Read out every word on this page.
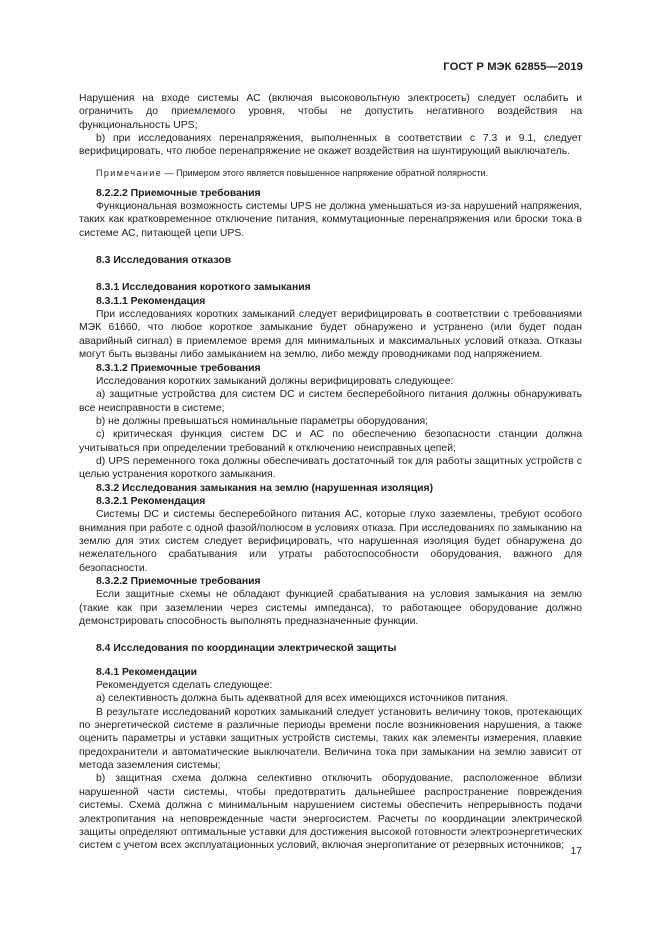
ГОСТ Р МЭК 62855—2019

Нарушения на входе системы АС (включая высоковольтную электросеть) следует ослабить и ограничить до приемлемого уровня, чтобы не допустить негативного воздействия на функциональность UPS;

b) при исследованиях перенапряжения, выполненных в соответствии с 7.3 и 9.1, следует верифицировать, что любое перенапряжение не окажет воздействия на шунтирующий выключатель.

Примечание — Примером этого является повышенное напряжение обратной полярности.

8.2.2.2 Приемочные требования

Функциональная возможность системы UPS не должна уменьшаться из-за нарушений напряжения, таких как кратковременное отключение питания, коммутационные перенапряжения или броски тока в системе АС, питающей цепи UPS.

8.3 Исследования отказов

8.3.1 Исследования короткого замыкания

8.3.1.1 Рекомендация

При исследованиях коротких замыканий следует верифицировать в соответствии с требованиями МЭК 61660, что любое короткое замыкание будет обнаружено и устранено (или будет подан аварийный сигнал) в приемлемое время для минимальных и максимальных условий отказа. Отказы могут быть вызваны либо замыканием на землю, либо между проводниками под напряжением.

8.3.1.2 Приемочные требования

Исследования коротких замыканий должны верифицировать следующее:

a) защитные устройства для систем DC и систем бесперебойного питания должны обнаруживать все неисправности в системе;

b) не должны превышаться номинальные параметры оборудования;

c) критическая функция систем DC и АС по обеспечению безопасности станции должна учитываться при определении требований к отключению неисправных цепей;

d) UPS переменного тока должны обеспечивать достаточный ток для работы защитных устройств с целью устранения короткого замыкания.

8.3.2 Исследования замыкания на землю (нарушенная изоляция)

8.3.2.1 Рекомендация

Системы DC и системы бесперебойного питания АС, которые глухо заземлены, требуют особого внимания при работе с одной фазой/полюсом в условиях отказа. При исследованиях по замыканию на землю для этих систем следует верифицировать, что нарушенная изоляция будет обнаружена до нежелательного срабатывания или утраты работоспособности оборудования, важного для безопасности.

8.3.2.2 Приемочные требования

Если защитные схемы не обладают функцией срабатывания на условия замыкания на землю (такие как при заземлении через системы импеданса), то работающее оборудование должно демонстрировать способность выполнять предназначенные функции.

8.4 Исследования по координации электрической защиты

8.4.1 Рекомендации

Рекомендуется сделать следующее:

а) селективность должна быть адекватной для всех имеющихся источников питания.

В результате исследований коротких замыканий следует установить величину токов, протекающих по энергетической системе в различные периоды времени после возникновения нарушения, а также оценить параметры и уставки защитных устройств системы, таких как элементы измерения, плавкие предохранители и автоматические выключатели. Величина тока при замыкании на землю зависит от метода заземления системы;

b) защитная схема должна селективно отключить оборудование, расположенное вблизи нарушенной части системы, чтобы предотвратить дальнейшее распространение повреждения системы. Схема должна с минимальным нарушением системы обеспечить непрерывность подачи электропитания на неповрежденные части энергосистем. Расчеты по координации электрической защиты определяют оптимальные уставки для достижения высокой готовности электроэнергетических систем с учетом всех эксплуатационных условий, включая энергопитание от резервных источников;

17
